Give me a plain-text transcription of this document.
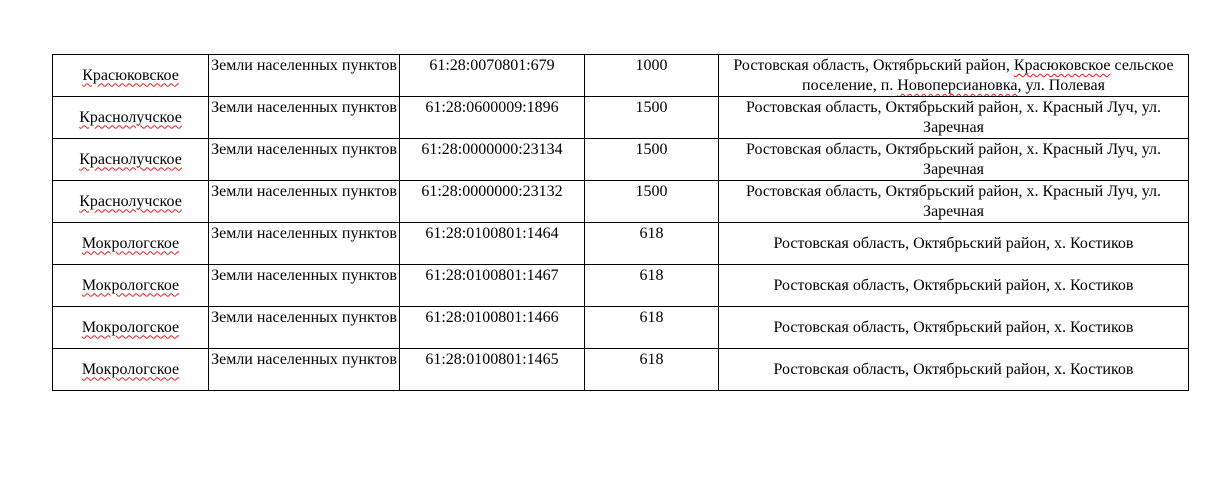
Красюковское	Земли населенных пунктов	61:28:0070801:679	1000	Ростовская область, Октябрьский район, Красюковское сельское поселение, п. Новоперсиановка, ул. Полевая
Краснолучское	Земли населенных пунктов	61:28:0600009:1896	1500	Ростовская область, Октябрьский район, х. Красный Луч, ул. Заречная
Краснолучское	Земли населенных пунктов	61:28:0000000:23134	1500	Ростовская область, Октябрьский район, х. Красный Луч, ул. Заречная
Краснолучское	Земли населенных пунктов	61:28:0000000:23132	1500	Ростовская область, Октябрьский район, х. Красный Луч, ул. Заречная
Мокрологское	Земли населенных пунктов	61:28:0100801:1464	618	Ростовская область, Октябрьский район, х. Костиков
Мокрологское	Земли населенных пунктов	61:28:0100801:1467	618	Ростовская область, Октябрьский район, х. Костиков
Мокрологское	Земли населенных пунктов	61:28:0100801:1466	618	Ростовская область, Октябрьский район, х. Костиков
Мокрологское	Земли населенных пунктов	61:28:0100801:1465	618	Ростовская область, Октябрьский район, х. Костиков
